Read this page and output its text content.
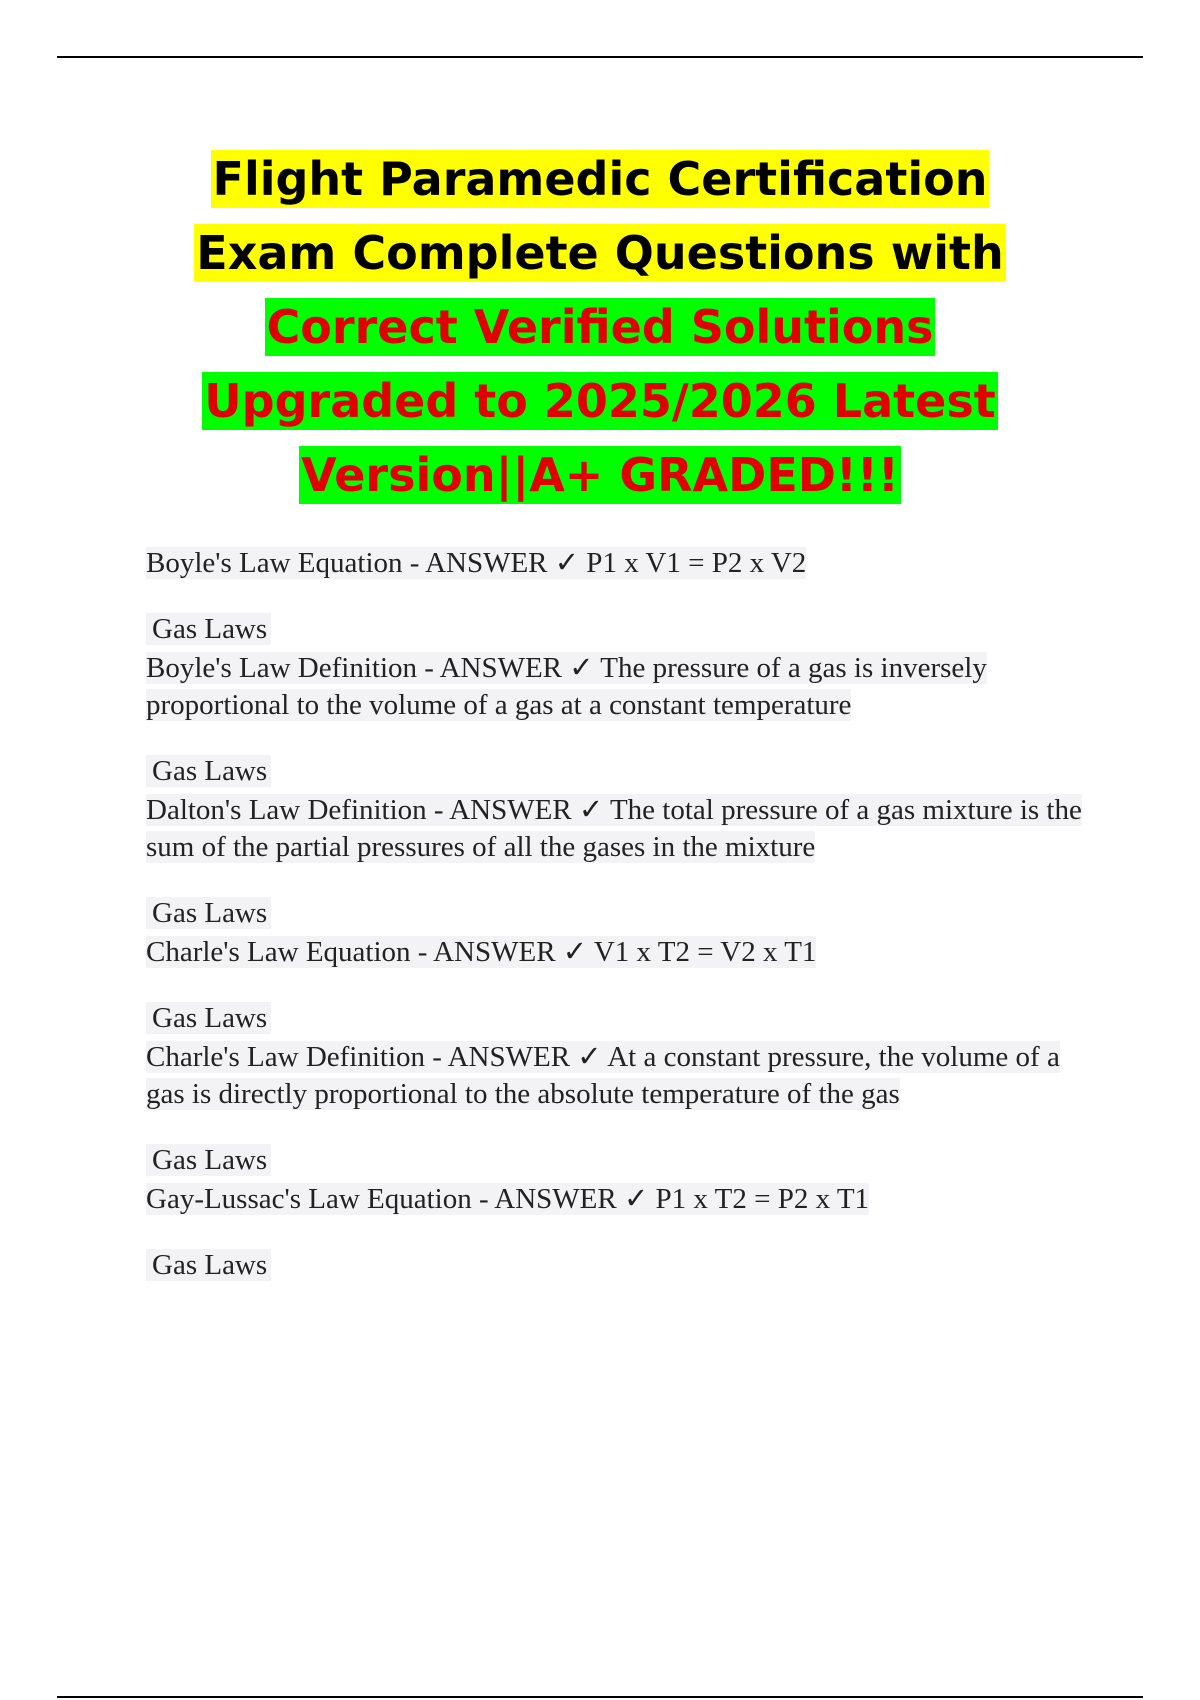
Flight Paramedic Certification
Exam Complete Questions with
Correct Verified Solutions
Upgraded to 2025/2026 Latest
Version||A+ GRADED!!!

Boyle's Law Equation - ANSWER ✓ P1 x V1 = P2 x V2

Gas Laws

Boyle's Law Definition - ANSWER ✓ The pressure of a gas is inversely proportional to the volume of a gas at a constant temperature

Gas Laws

Dalton's Law Definition - ANSWER ✓ The total pressure of a gas mixture is the sum of the partial pressures of all the gases in the mixture

Gas Laws

Charle's Law Equation - ANSWER ✓ V1 x T2 = V2 x T1

Gas Laws

Charle's Law Definition - ANSWER ✓ At a constant pressure, the volume of a gas is directly proportional to the absolute temperature of the gas

Gas Laws

Gay-Lussac's Law Equation - ANSWER ✓ P1 x T2 = P2 x T1

Gas Laws
